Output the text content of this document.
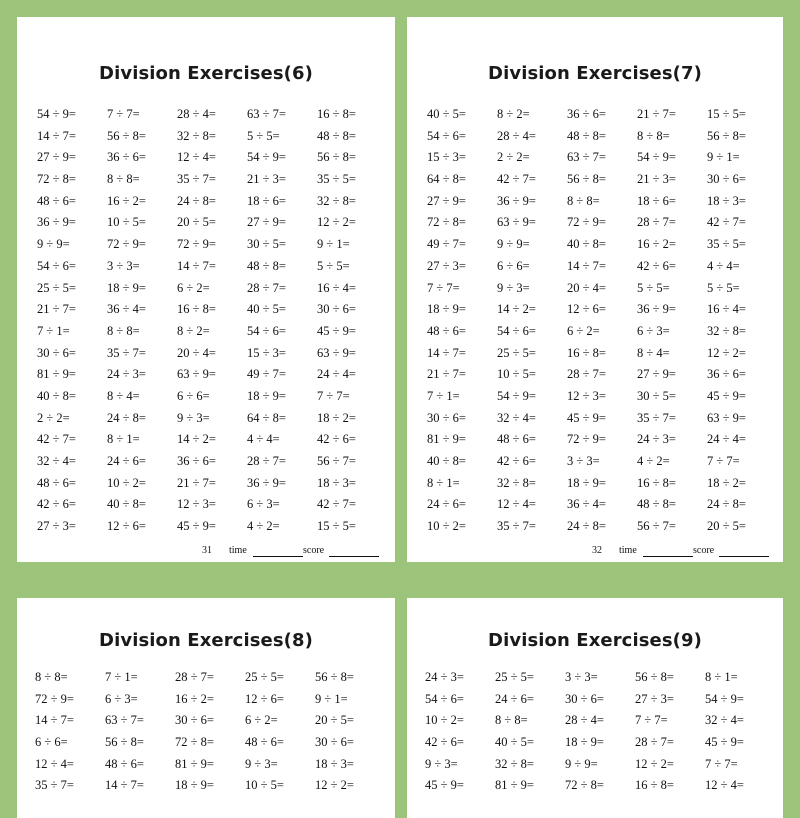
Division Exercises(6)
54 ÷ 9=	7 ÷ 7=	28 ÷ 4=	63 ÷ 7=	16 ÷ 8=
14 ÷ 7=	56 ÷ 8=	32 ÷ 8=	5 ÷ 5=	48 ÷ 8=
27 ÷ 9=	36 ÷ 6=	12 ÷ 4=	54 ÷ 9=	56 ÷ 8=
72 ÷ 8=	8 ÷ 8=	35 ÷ 7=	21 ÷ 3=	35 ÷ 5=
48 ÷ 6=	16 ÷ 2=	24 ÷ 8=	18 ÷ 6=	32 ÷ 8=
36 ÷ 9=	10 ÷ 5=	20 ÷ 5=	27 ÷ 9=	12 ÷ 2=
9 ÷ 9=	72 ÷ 9=	72 ÷ 9=	30 ÷ 5=	9 ÷ 1=
54 ÷ 6=	3 ÷ 3=	14 ÷ 7=	48 ÷ 8=	5 ÷ 5=
25 ÷ 5=	18 ÷ 9=	6 ÷ 2=	28 ÷ 7=	16 ÷ 4=
21 ÷ 7=	36 ÷ 4=	16 ÷ 8=	40 ÷ 5=	30 ÷ 6=
7 ÷ 1=	8 ÷ 8=	8 ÷ 2=	54 ÷ 6=	45 ÷ 9=
30 ÷ 6=	35 ÷ 7=	20 ÷ 4=	15 ÷ 3=	63 ÷ 9=
81 ÷ 9=	24 ÷ 3=	63 ÷ 9=	49 ÷ 7=	24 ÷ 4=
40 ÷ 8=	8 ÷ 4=	6 ÷ 6=	18 ÷ 9=	7 ÷ 7=
2 ÷ 2=	24 ÷ 8=	9 ÷ 3=	64 ÷ 8=	18 ÷ 2=
42 ÷ 7=	8 ÷ 1=	14 ÷ 2=	4 ÷ 4=	42 ÷ 6=
32 ÷ 4=	24 ÷ 6=	36 ÷ 6=	28 ÷ 7=	56 ÷ 7=
48 ÷ 6=	10 ÷ 2=	21 ÷ 7=	36 ÷ 9=	18 ÷ 3=
42 ÷ 6=	40 ÷ 8=	12 ÷ 3=	6 ÷ 3=	42 ÷ 7=
27 ÷ 3=	12 ÷ 6=	45 ÷ 9=	4 ÷ 2=	15 ÷ 5=
31 time	score
Division Exercises(7)
40 ÷ 5=	8 ÷ 2=	36 ÷ 6=	21 ÷ 7=	15 ÷ 5=
54 ÷ 6=	28 ÷ 4=	48 ÷ 8=	8 ÷ 8=	56 ÷ 8=
15 ÷ 3=	2 ÷ 2=	63 ÷ 7=	54 ÷ 9=	9 ÷ 1=
64 ÷ 8=	42 ÷ 7=	56 ÷ 8=	21 ÷ 3=	30 ÷ 6=
27 ÷ 9=	36 ÷ 9=	8 ÷ 8=	18 ÷ 6=	18 ÷ 3=
72 ÷ 8=	63 ÷ 9=	72 ÷ 9=	28 ÷ 7=	42 ÷ 7=
49 ÷ 7=	9 ÷ 9=	40 ÷ 8=	16 ÷ 2=	35 ÷ 5=
27 ÷ 3=	6 ÷ 6=	14 ÷ 7=	42 ÷ 6=	4 ÷ 4=
7 ÷ 7=	9 ÷ 3=	20 ÷ 4=	5 ÷ 5=	5 ÷ 5=
18 ÷ 9=	14 ÷ 2=	12 ÷ 6=	36 ÷ 9=	16 ÷ 4=
48 ÷ 6=	54 ÷ 6=	6 ÷ 2=	6 ÷ 3=	32 ÷ 8=
14 ÷ 7=	25 ÷ 5=	16 ÷ 8=	8 ÷ 4=	12 ÷ 2=
21 ÷ 7=	10 ÷ 5=	28 ÷ 7=	27 ÷ 9=	36 ÷ 6=
7 ÷ 1=	54 ÷ 9=	12 ÷ 3=	30 ÷ 5=	45 ÷ 9=
30 ÷ 6=	32 ÷ 4=	45 ÷ 9=	35 ÷ 7=	63 ÷ 9=
81 ÷ 9=	48 ÷ 6=	72 ÷ 9=	24 ÷ 3=	24 ÷ 4=
40 ÷ 8=	42 ÷ 6=	3 ÷ 3=	4 ÷ 2=	7 ÷ 7=
8 ÷ 1=	32 ÷ 8=	18 ÷ 9=	16 ÷ 8=	18 ÷ 2=
24 ÷ 6=	12 ÷ 4=	36 ÷ 4=	48 ÷ 8=	24 ÷ 8=
10 ÷ 2=	35 ÷ 7=	24 ÷ 8=	56 ÷ 7=	20 ÷ 5=
32 time	score
Division Exercises(8)
8 ÷ 8=	7 ÷ 1=	28 ÷ 7=	25 ÷ 5=	56 ÷ 8=
72 ÷ 9=	6 ÷ 3=	16 ÷ 2=	12 ÷ 6=	9 ÷ 1=
14 ÷ 7=	63 ÷ 7=	30 ÷ 6=	6 ÷ 2=	20 ÷ 5=
6 ÷ 6=	56 ÷ 8=	72 ÷ 8=	48 ÷ 6=	30 ÷ 6=
12 ÷ 4=	48 ÷ 6=	81 ÷ 9=	9 ÷ 3=	18 ÷ 3=
35 ÷ 7=	14 ÷ 7=	18 ÷ 9=	10 ÷ 5=	12 ÷ 2=
Division Exercises(9)
24 ÷ 3=	25 ÷ 5=	3 ÷ 3=	56 ÷ 8=	8 ÷ 1=
54 ÷ 6=	24 ÷ 6=	30 ÷ 6=	27 ÷ 3=	54 ÷ 9=
10 ÷ 2=	8 ÷ 8=	28 ÷ 4=	7 ÷ 7=	32 ÷ 4=
42 ÷ 6=	40 ÷ 5=	18 ÷ 9=	28 ÷ 7=	45 ÷ 9=
9 ÷ 3=	32 ÷ 8=	9 ÷ 9=	12 ÷ 2=	7 ÷ 7=
45 ÷ 9=	81 ÷ 9=	72 ÷ 8=	16 ÷ 8=	12 ÷ 4=
